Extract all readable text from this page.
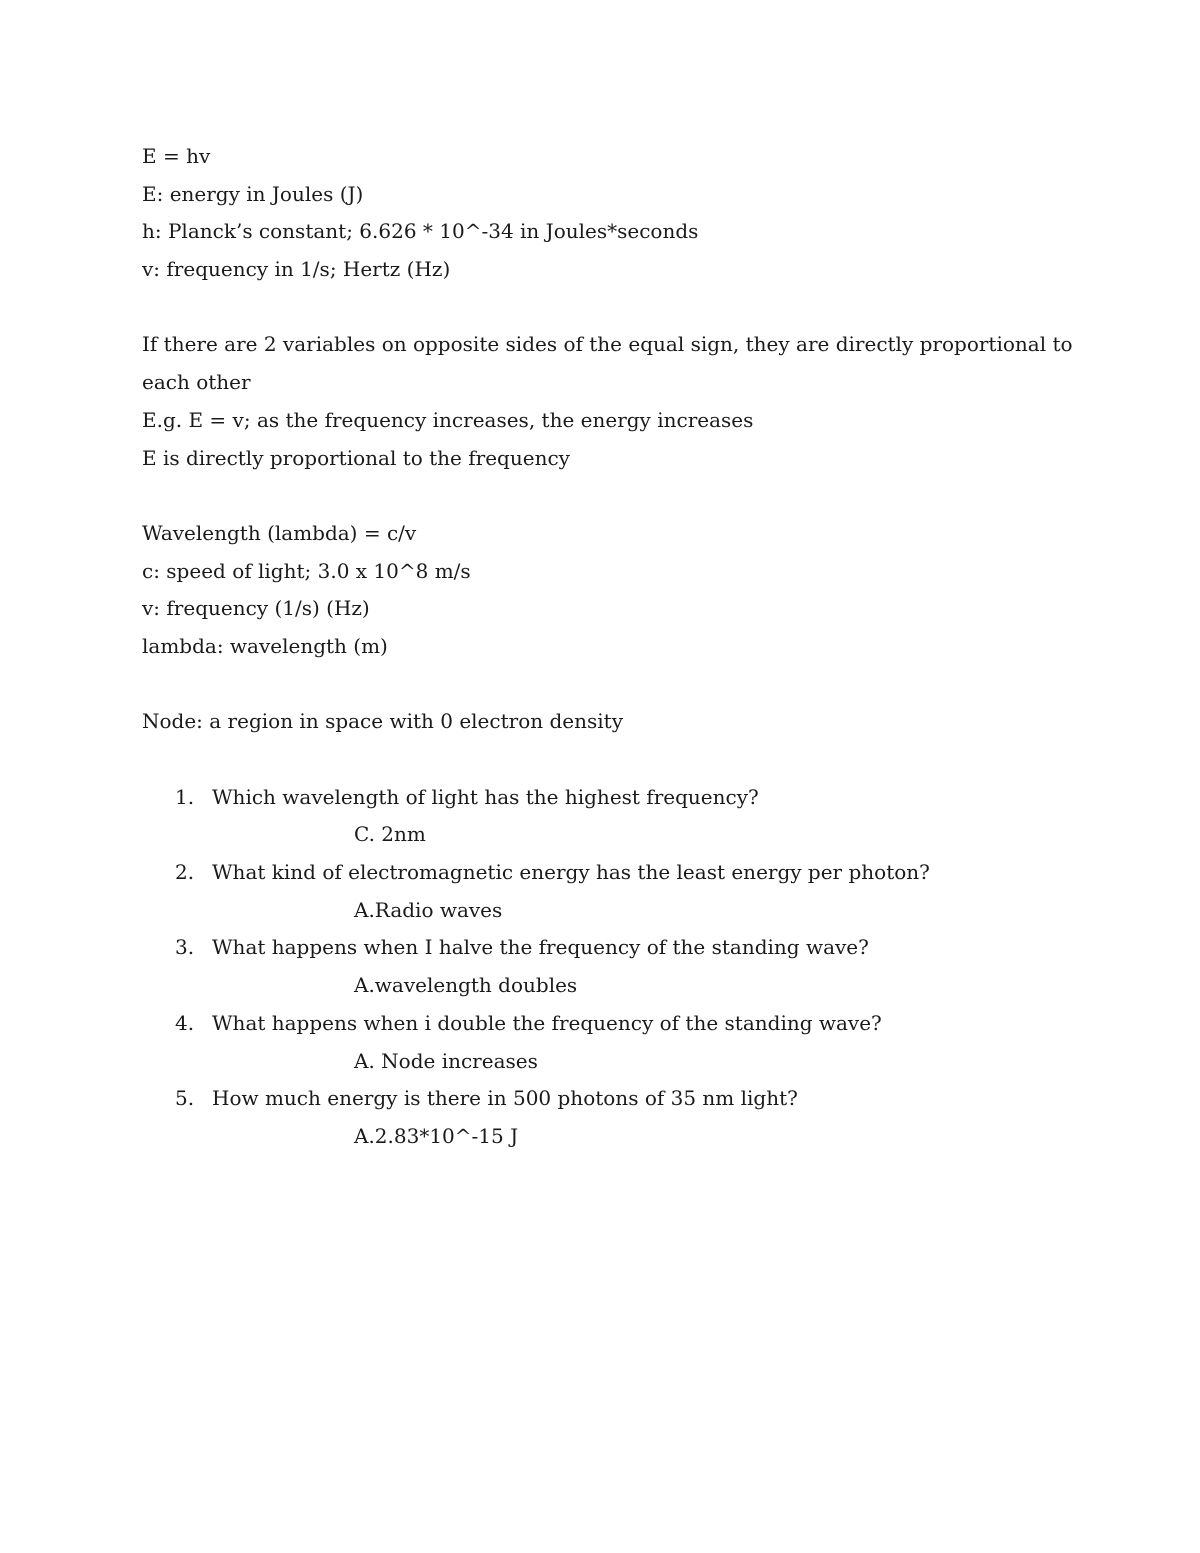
E = hv
E: energy in Joules (J)
h: Planck’s constant; 6.626 * 10^-34 in Joules*seconds
v: frequency in 1/s; Hertz (Hz)
If there are 2 variables on opposite sides of the equal sign, they are directly proportional to each other
E.g. E = v; as the frequency increases, the energy increases
E is directly proportional to the frequency
Wavelength (lambda) = c/v
c: speed of light; 3.0 x 10^8 m/s
v: frequency (1/s) (Hz)
lambda: wavelength (m)
Node: a region in space with 0 electron density
1. Which wavelength of light has the highest frequency?
C. 2nm
2. What kind of electromagnetic energy has the least energy per photon?
A.Radio waves
3. What happens when I halve the frequency of the standing wave?
A.wavelength doubles
4. What happens when i double the frequency of the standing wave?
A. Node increases
5. How much energy is there in 500 photons of 35 nm light?
A.2.83*10^-15 J
